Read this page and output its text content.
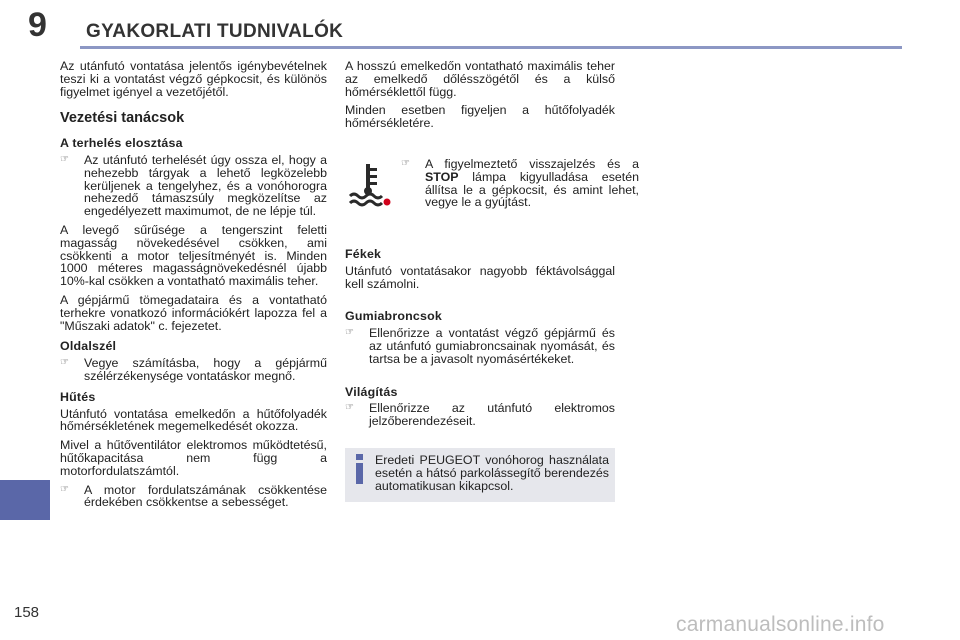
9 GYAKORLATI TUDNIVALÓK

Az utánfutó vontatása jelentős igénybevételnek teszi ki a vontatást végző gépkocsit, és különös figyelmet igényel a vezetőjétől.

Vezetési tanácsok
A terhelés elosztása
☞ Az utánfutó terhelését úgy ossza el, hogy a nehezebb tárgyak a lehető legközelebb kerüljenek a tengelyhez, és a vonóhorogra nehezedő támaszsúly megközelítse az engedélyezett maximumot, de ne lépje túl.

A levegő sűrűsége a tengerszint feletti magasság növekedésével csökken, ami csökkenti a motor teljesítményét is. Minden 1000 méteres magasságnövekedésnél újabb 10%-kal csökken a vontatható maximális teher.

A gépjármű tömegadataira és a vontatható terhekre vonatkozó információkért lapozza fel a "Műszaki adatok" c. fejezetet.

Oldalszél
☞ Vegye számításba, hogy a gépjármű szélérzékenysége vontatáskor megnő.
Hűtés

Utánfutó vontatása emelkedőn a hűtőfolyadék hőmérsékletének megemelkedését okozza.

Mivel a hűtőventilátor elektromos működtetésű, hűtőkapacitása nem függ a motorfordulatszámtól.

☞ A motor fordulatszámának csökkentése érdekében csökkentse a sebességet.

A hosszú emelkedőn vontatható maximális teher az emelkedő dőlésszögétől és a külső hőmérséklettől függ.

Minden esetben figyeljen a hűtőfolyadék hőmérsékletére.

☞ A figyelmeztető visszajelzés és a STOP lámpa kigyulladása esetén állítsa le a gépkocsit, és amint lehet, vegye le a gyújtást.
Fékek

Utánfutó vontatásakor nagyobb féktávolsággal kell számolni.

Gumiabroncsok
☞ Ellenőrizze a vontatást végző gépjármű és az utánfutó gumiabroncsainak nyomását, és tartsa be a javasolt nyomásértékeket.
Világítás
☞ Ellenőrizze az utánfutó elektromos jelzőberendezéseit.
Eredeti PEUGEOT vonóhorog használata esetén a hátsó parkolássegítő berendezés automatikusan kikapcsol.
158
carmanualsonline.info
